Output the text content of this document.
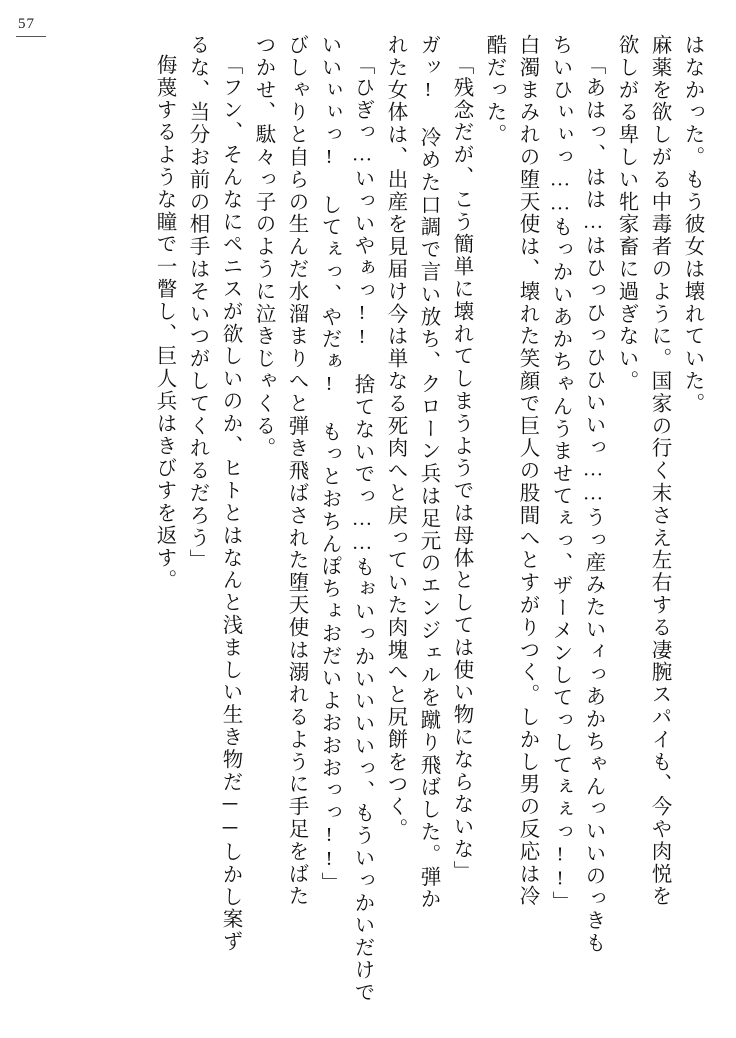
57
はなかった。もう彼女は壊れていた。
麻薬を欲しがる中毒者のように。国家の行く末さえ左右する凄腕スパイも、今や肉悦を
欲しがる卑しい牝家畜に過ぎない。
「あはっ、はは…はひっひっひひいいっ……うっ産みたいィっあかちゃんっいいのっきも
ちいひぃぃっ……もっかいあかちゃんうませてぇっ、ザーメンしてっしてぇぇっ!!」
白濁まみれの堕天使は、壊れた笑顔で巨人の股間へとすがりつく。しかし男の反応は冷
酷だった。
「残念だが、こう簡単に壊れてしまうようでは母体としては使い物にならないな」
ガッ! 冷めた口調で言い放ち、クローン兵は足元のエンジェルを蹴り飛ばした。弾か
れた女体は、出産を見届け今は単なる死肉へと戻っていた肉塊へと尻餅をつく。
「ひぎっ…いっいやぁっ!! 捨てないでっ……もぉいっかいいいいっ、もういっかいだけで
いいぃぃっ! してぇっ、やだぁ! もっとおちんぽちょおだいよおおおっっ!!」
びしゃりと自らの生んだ水溜まりへと弾き飛ばされた堕天使は溺れるように手足をばた
つかせ、駄々っ子のように泣きじゃくる。
「フン、そんなにペニスが欲しいのか、ヒトとはなんと浅ましい生き物だ──しかし案ず
るな、当分お前の相手はそいつがしてくれるだろう」
侮蔑するような瞳で一瞥し、巨人兵はきびすを返す。
